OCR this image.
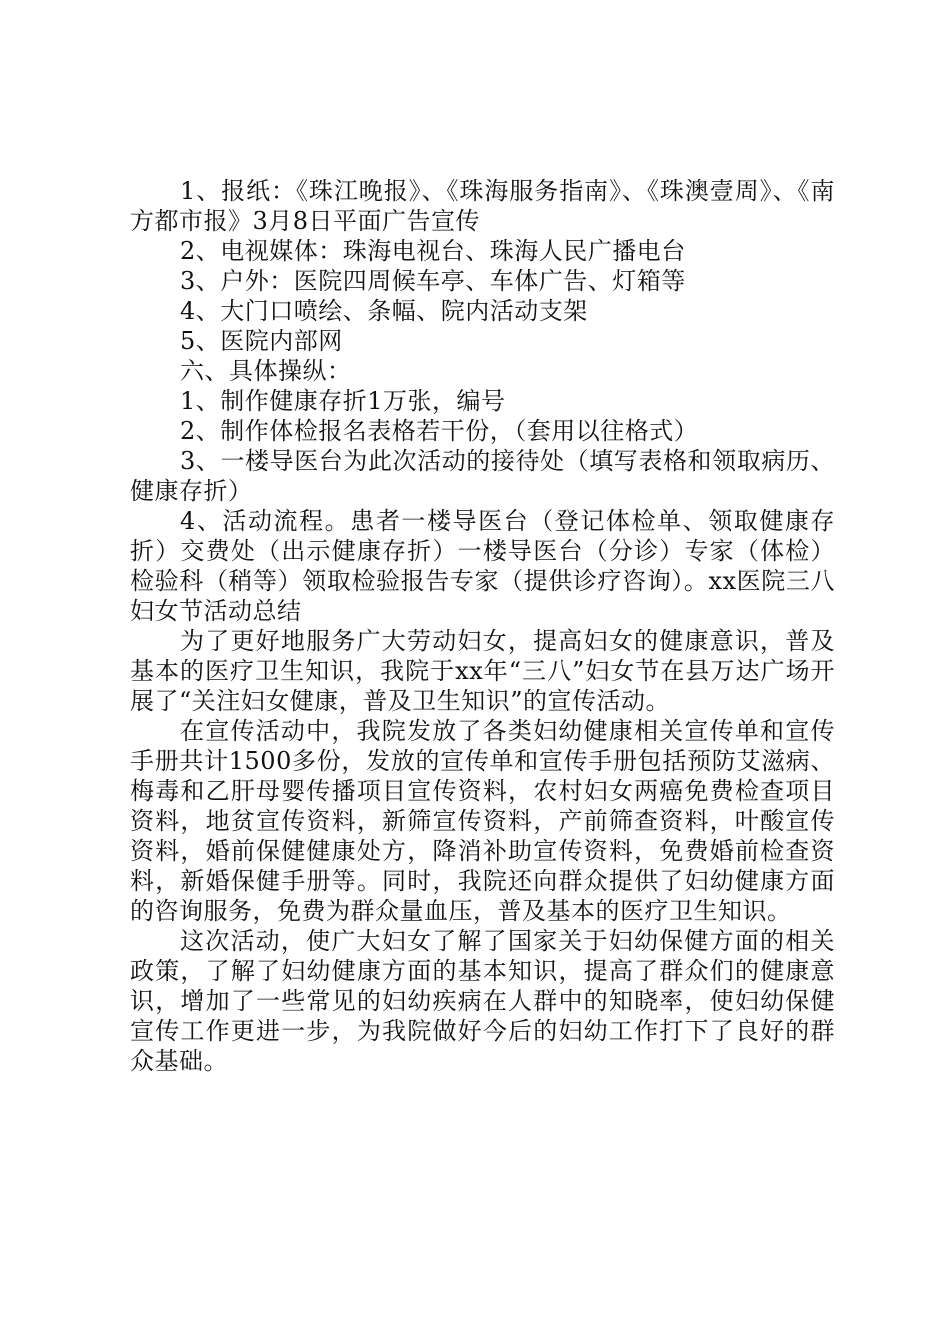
1、报纸：《珠江晚报》、《珠海服务指南》、《珠澳壹周》、《南方都市报》3月8日平面广告宣传

2、电视媒体：珠海电视台、珠海人民广播电台

3、户外：医院四周候车亭、车体广告、灯箱等

4、大门口喷绘、条幅、院内活动支架

5、医院内部网

六、具体操纵：

1、制作健康存折1万张，编号

2、制作体检报名表格若干份，（套用以往格式）

3、一楼导医台为此次活动的接待处（填写表格和领取病历、健康存折）

4、活动流程。患者一楼导医台（登记体检单、领取健康存折）交费处（出示健康存折）一楼导医台（分诊）专家（体检）检验科（稍等）领取检验报告专家（提供诊疗咨询）。xx医院三八妇女节活动总结

为了更好地服务广大劳动妇女，提高妇女的健康意识，普及基本的医疗卫生知识，我院于xx年“三八”妇女节在县万达广场开展了“关注妇女健康，普及卫生知识”的宣传活动。

在宣传活动中，我院发放了各类妇幼健康相关宣传单和宣传手册共计1500多份，发放的宣传单和宣传手册包括预防艾滋病、梅毒和乙肝母婴传播项目宣传资料，农村妇女两癌免费检查项目资料，地贫宣传资料，新筛宣传资料，产前筛查资料，叶酸宣传资料，婚前保健健康处方，降消补助宣传资料，免费婚前检查资料，新婚保健手册等。同时，我院还向群众提供了妇幼健康方面的咨询服务，免费为群众量血压，普及基本的医疗卫生知识。

这次活动，使广大妇女了解了国家关于妇幼保健方面的相关政策，了解了妇幼健康方面的基本知识，提高了群众们的健康意识，增加了一些常见的妇幼疾病在人群中的知晓率，使妇幼保健宣传工作更进一步，为我院做好今后的妇幼工作打下了良好的群众基础。
